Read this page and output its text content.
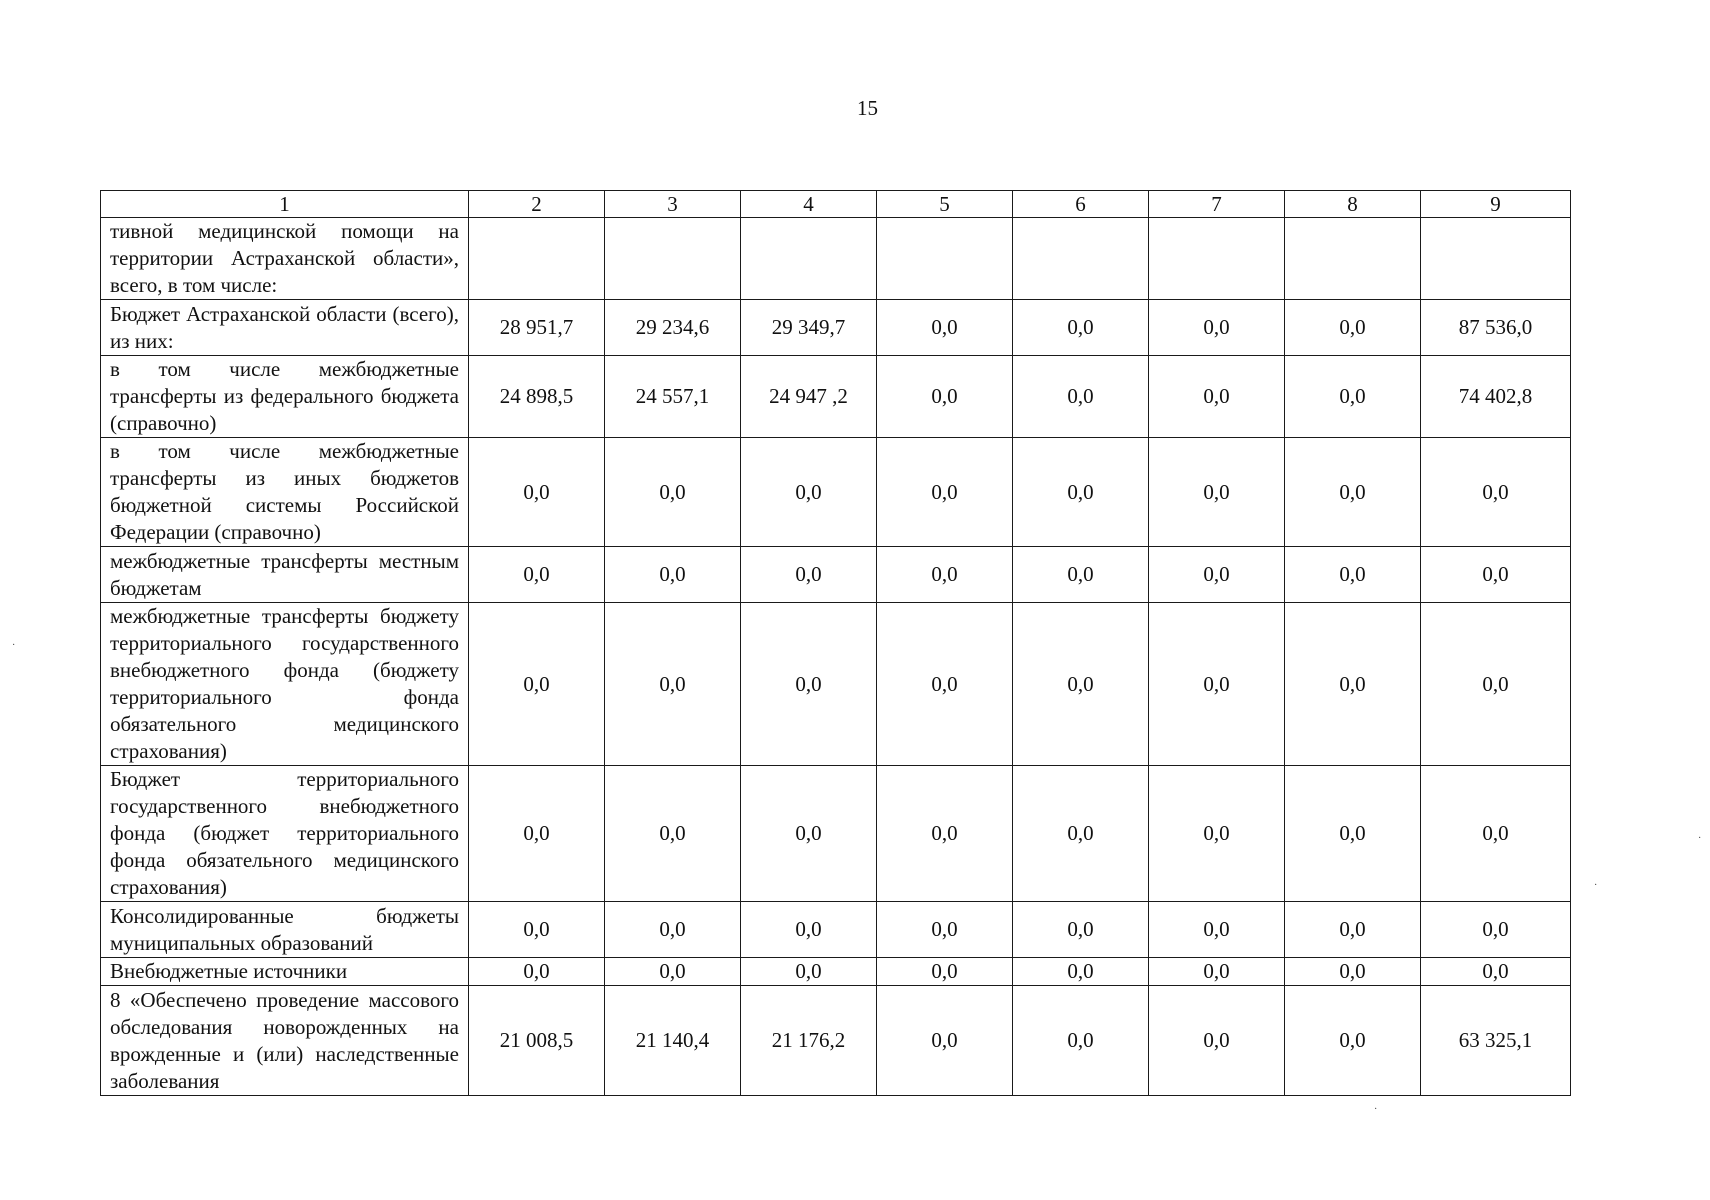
15
1	2	3	4	5	6	7	8	9
тивной медицинской помощи на территории Астраханской области», всего, в том числе:								
Бюджет Астраханской области (всего), из них:	28 951,7	29 234,6	29 349,7	0,0	0,0	0,0	0,0	87 536,0
в том числе межбюджетные трансферты из федерального бюджета (справочно)	24 898,5	24 557,1	24 947 ,2	0,0	0,0	0,0	0,0	74 402,8
в том числе межбюджетные трансферты из иных бюджетов бюджетной системы Российской Федерации (справочно)	0,0	0,0	0,0	0,0	0,0	0,0	0,0	0,0
межбюджетные трансферты местным бюджетам	0,0	0,0	0,0	0,0	0,0	0,0	0,0	0,0
межбюджетные трансферты бюджету территориального государственного внебюджетного фонда (бюджету территориального фонда обязательного медицинского страхования)	0,0	0,0	0,0	0,0	0,0	0,0	0,0	0,0
Бюджет территориального государственного внебюджетного фонда (бюджет территориального фонда обязательного медицинского страхования)	0,0	0,0	0,0	0,0	0,0	0,0	0,0	0,0
Консолидированные бюджеты муниципальных образований	0,0	0,0	0,0	0,0	0,0	0,0	0,0	0,0
Внебюджетные источники	0,0	0,0	0,0	0,0	0,0	0,0	0,0	0,0
8 «Обеспечено проведение массового обследования новорожденных на врожденные и (или) наследственные заболевания	21 008,5	21 140,4	21 176,2	0,0	0,0	0,0	0,0	63 325,1
·
·
·
·
